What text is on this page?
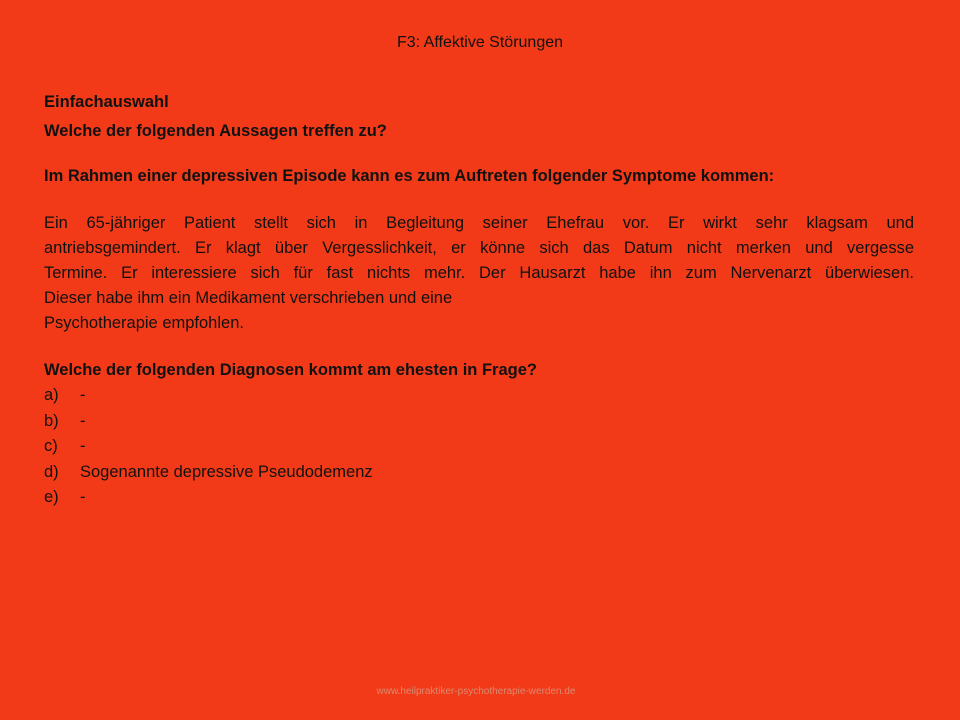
F3: Affektive Störungen

Einfachauswahl

Welche der folgenden Aussagen treffen zu?

Im Rahmen einer depressiven Episode kann es zum Auftreten folgender Symptome kommen:

Ein 65-jähriger Patient stellt sich in Begleitung seiner Ehefrau vor. Er wirkt sehr klagsam und

antriebsgemindert. Er klagt über Vergesslichkeit, er könne sich das Datum nicht merken und vergesse

Termine. Er interessiere sich für fast nichts mehr. Der Hausarzt habe ihn zum Nervenarzt überwiesen.

Dieser habe ihm ein Medikament verschrieben und eine

Psychotherapie empfohlen.

Welche der folgenden Diagnosen kommt am ehesten in Frage?

a)	-
b)	-
c)	-
d)	Sogenannte depressive Pseudodemenz
e)	-
www.heilpraktiker-psychotherapie-werden.de
